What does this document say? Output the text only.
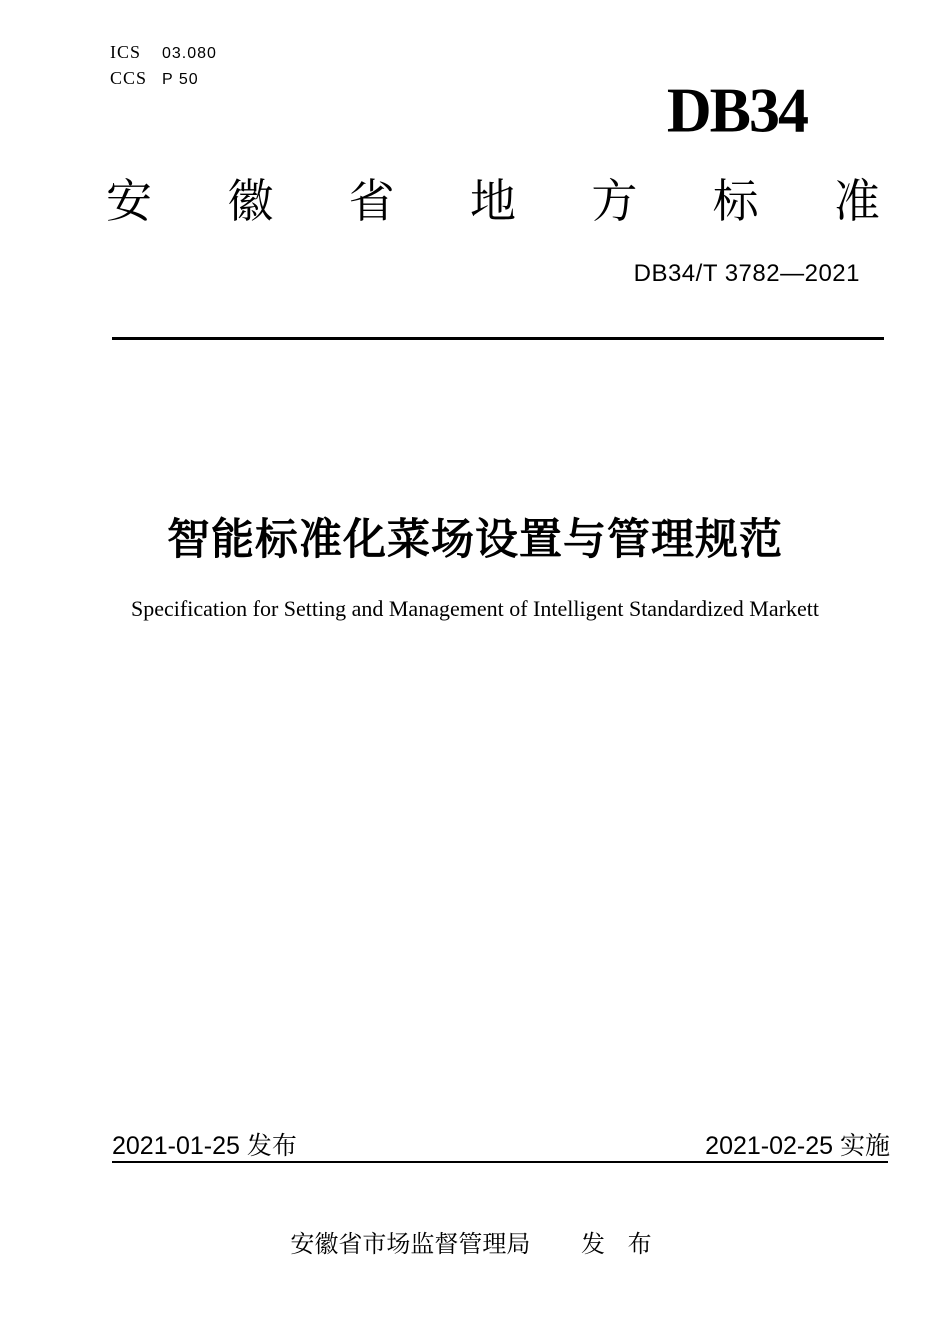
ICS	03.080
CCS P 50	DB34
安徽省地方标准
DB34/T 3782—2021
智能标准化菜场设置与管理规范
Specification for Setting and Management of Intelligent Standardized Markett
2021-01-25 发布	2021-02-25 实施
安徽省市场监督管理局 发 布
